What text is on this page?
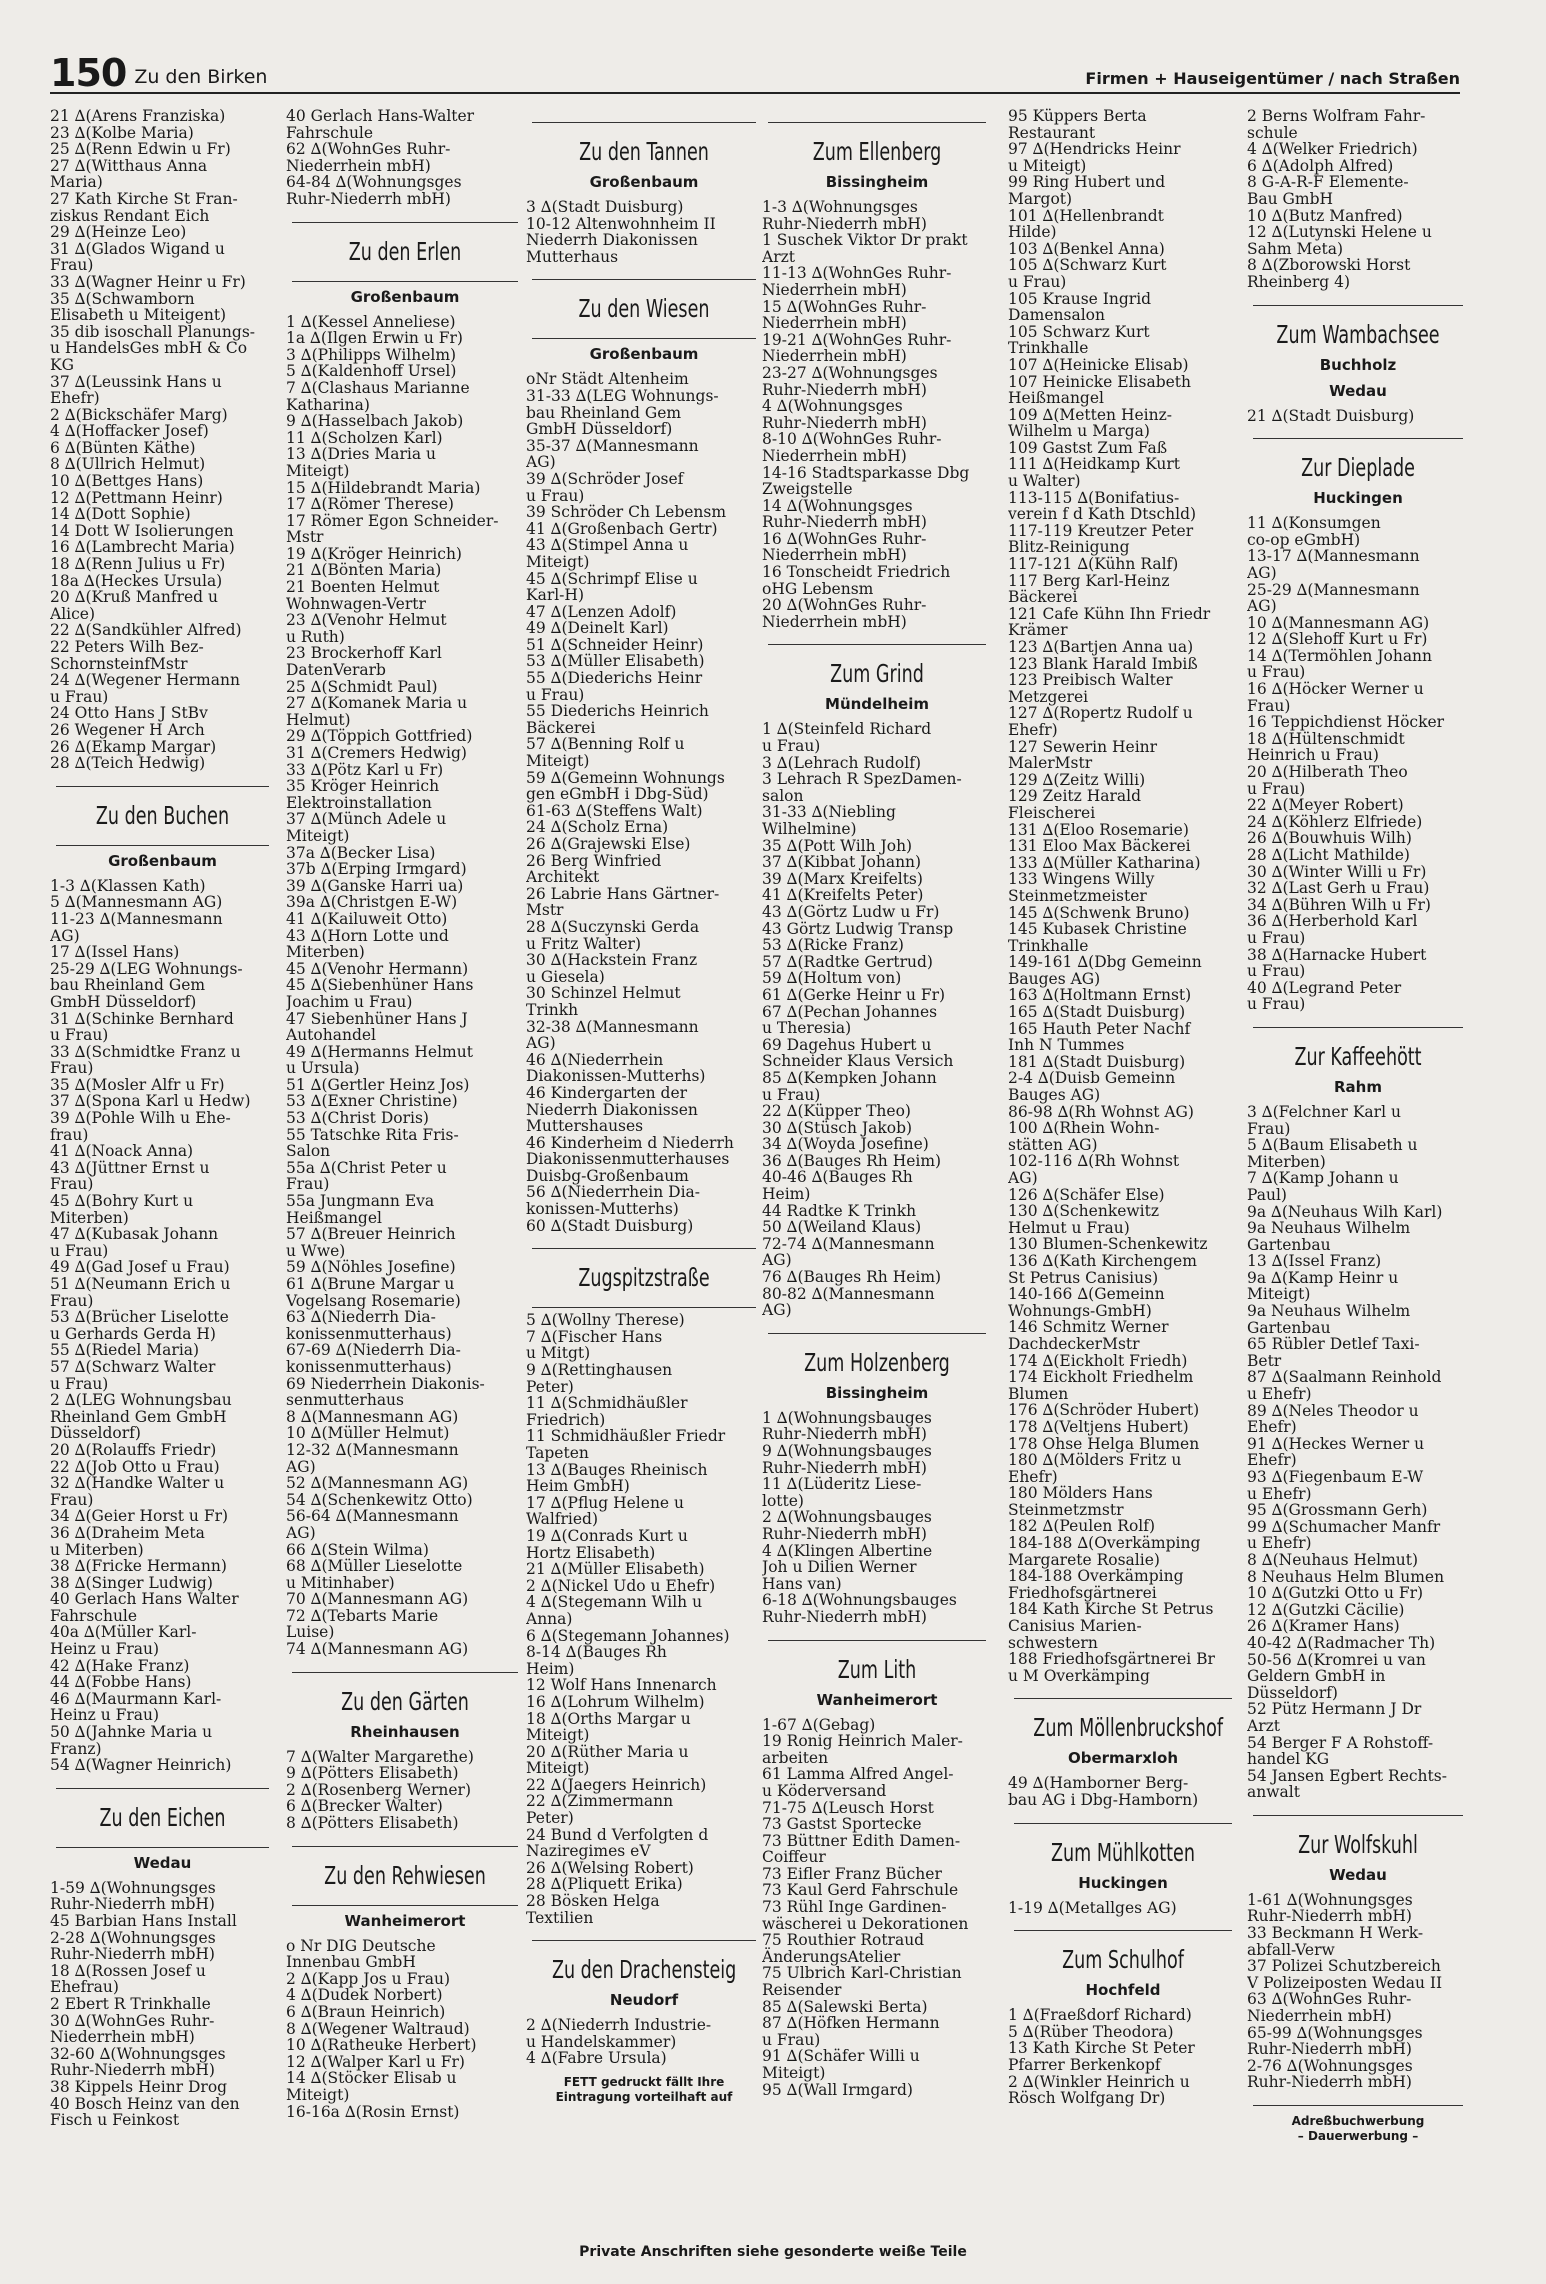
150 Zu den Birken	Firmen + Hauseigentümer / nach Straßen
21 ∆(Arens Franziska)
23 ∆(Kolbe Maria)
25 ∆(Renn Edwin u Fr)
27 ∆(Witthaus Anna
Maria)
27 Kath Kirche St Fran-
ziskus Rendant Eich
29 ∆(Heinze Leo)
31 ∆(Glados Wigand u
Frau)
33 ∆(Wagner Heinr u Fr)
35 ∆(Schwamborn
Elisabeth u Miteigent)
35 dib isoschall Planungs-
u HandelsGes mbH & Co
KG
37 ∆(Leussink Hans u
Ehefr)
2 ∆(Bickschäfer Marg)
4 ∆(Hoffacker Josef)
6 ∆(Bünten Käthe)
8 ∆(Ullrich Helmut)
10 ∆(Bettges Hans)
12 ∆(Pettmann Heinr)
14 ∆(Dott Sophie)
14 Dott W Isolierungen
16 ∆(Lambrecht Maria)
18 ∆(Renn Julius u Fr)
18a ∆(Heckes Ursula)
20 ∆(Kruß Manfred u
Alice)
22 ∆(Sandkühler Alfred)
22 Peters Wilh Bez-
SchornsteinfMstr
24 ∆(Wegener Hermann
u Frau)
24 Otto Hans J StBv
26 Wegener H Arch
26 ∆(Ekamp Margar)
28 ∆(Teich Hedwig)
Zu den Buchen
Großenbaum
1-3 ∆(Klassen Kath)
5 ∆(Mannesmann AG)
11-23 ∆(Mannesmann
AG)
17 ∆(Issel Hans)
25-29 ∆(LEG Wohnungs-
bau Rheinland Gem
GmbH Düsseldorf)
31 ∆(Schinke Bernhard
u Frau)
33 ∆(Schmidtke Franz u
Frau)
35 ∆(Mosler Alfr u Fr)
37 ∆(Spona Karl u Hedw)
39 ∆(Pohle Wilh u Ehe-
frau)
41 ∆(Noack Anna)
43 ∆(Jüttner Ernst u
Frau)
45 ∆(Bohry Kurt u
Miterben)
47 ∆(Kubasak Johann
u Frau)
49 ∆(Gad Josef u Frau)
51 ∆(Neumann Erich u
Frau)
53 ∆(Brücher Liselotte
u Gerhards Gerda H)
55 ∆(Riedel Maria)
57 ∆(Schwarz Walter
u Frau)
2 ∆(LEG Wohnungsbau
Rheinland Gem GmbH
Düsseldorf)
20 ∆(Rolauffs Friedr)
22 ∆(Job Otto u Frau)
32 ∆(Handke Walter u
Frau)
34 ∆(Geier Horst u Fr)
36 ∆(Draheim Meta
u Miterben)
38 ∆(Fricke Hermann)
38 ∆(Singer Ludwig)
40 Gerlach Hans Walter
Fahrschule
40a ∆(Müller Karl-
Heinz u Frau)
42 ∆(Hake Franz)
44 ∆(Fobbe Hans)
46 ∆(Maurmann Karl-
Heinz u Frau)
50 ∆(Jahnke Maria u
Franz)
54 ∆(Wagner Heinrich)
Zu den Eichen
Wedau
1-59 ∆(Wohnungsges
Ruhr-Niederrh mbH)
45 Barbian Hans Install
2-28 ∆(Wohnungsges
Ruhr-Niederrh mbH)
18 ∆(Rossen Josef u
Ehefrau)
2 Ebert R Trinkhalle
30 ∆(WohnGes Ruhr-
Niederrhein mbH)
32-60 ∆(Wohnungsges
Ruhr-Niederrh mbH)
38 Kippels Heinr Drog
40 Bosch Heinz van den
Fisch u Feinkost
40 Gerlach Hans-Walter
Fahrschule
62 ∆(WohnGes Ruhr-
Niederrhein mbH)
64-84 ∆(Wohnungsges
Ruhr-Niederrh mbH)
Zu den Erlen
Großenbaum
1 ∆(Kessel Anneliese)
1a ∆(Ilgen Erwin u Fr)
3 ∆(Philipps Wilhelm)
5 ∆(Kaldenhoff Ursel)
7 ∆(Clashaus Marianne
Katharina)
9 ∆(Hasselbach Jakob)
11 ∆(Scholzen Karl)
13 ∆(Dries Maria u
Miteigt)
15 ∆(Hildebrandt Maria)
17 ∆(Römer Therese)
17 Römer Egon Schneider-
Mstr
19 ∆(Kröger Heinrich)
21 ∆(Bönten Maria)
21 Boenten Helmut
Wohnwagen-Vertr
23 ∆(Venohr Helmut
u Ruth)
23 Brockerhoff Karl
DatenVerarb
25 ∆(Schmidt Paul)
27 ∆(Komanek Maria u
Helmut)
29 ∆(Töppich Gottfried)
31 ∆(Cremers Hedwig)
33 ∆(Pötz Karl u Fr)
35 Kröger Heinrich
Elektroinstallation
37 ∆(Münch Adele u
Miteigt)
37a ∆(Becker Lisa)
37b ∆(Erping Irmgard)
39 ∆(Ganske Harri ua)
39a ∆(Christgen E-W)
41 ∆(Kailuweit Otto)
43 ∆(Horn Lotte und
Miterben)
45 ∆(Venohr Hermann)
45 ∆(Siebenhüner Hans
Joachim u Frau)
47 Siebenhüner Hans J
Autohandel
49 ∆(Hermanns Helmut
u Ursula)
51 ∆(Gertler Heinz Jos)
53 ∆(Exner Christine)
53 ∆(Christ Doris)
55 Tatschke Rita Fris-
Salon
55a ∆(Christ Peter u
Frau)
55a Jungmann Eva
Heißmangel
57 ∆(Breuer Heinrich
u Wwe)
59 ∆(Nöhles Josefine)
61 ∆(Brune Margar u
Vogelsang Rosemarie)
63 ∆(Niederrh Dia-
konissenmutterhaus)
67-69 ∆(Niederrh Dia-
konissenmutterhaus)
69 Niederrhein Diakonis-
senmutterhaus
8 ∆(Mannesmann AG)
10 ∆(Müller Helmut)
12-32 ∆(Mannesmann
AG)
52 ∆(Mannesmann AG)
54 ∆(Schenkewitz Otto)
56-64 ∆(Mannesmann
AG)
66 ∆(Stein Wilma)
68 ∆(Müller Lieselotte
u Mitinhaber)
70 ∆(Mannesmann AG)
72 ∆(Tebarts Marie
Luise)
74 ∆(Mannesmann AG)
Zu den Gärten
Rheinhausen
7 ∆(Walter Margarethe)
9 ∆(Pötters Elisabeth)
2 ∆(Rosenberg Werner)
6 ∆(Brecker Walter)
8 ∆(Pötters Elisabeth)
Zu den Rehwiesen
Wanheimerort
o Nr DIG Deutsche
Innenbau GmbH
2 ∆(Kapp Jos u Frau)
4 ∆(Dudek Norbert)
6 ∆(Braun Heinrich)
8 ∆(Wegener Waltraud)
10 ∆(Ratheuke Herbert)
12 ∆(Walper Karl u Fr)
14 ∆(Stöcker Elisab u
Miteigt)
16-16a ∆(Rosin Ernst)
Zu den Tannen
Großenbaum
3 ∆(Stadt Duisburg)
10-12 Altenwohnheim II
Niederrh Diakonissen
Mutterhaus
Zu den Wiesen
Großenbaum
oNr Städt Altenheim
31-33 ∆(LEG Wohnungs-
bau Rheinland Gem
GmbH Düsseldorf)
35-37 ∆(Mannesmann
AG)
39 ∆(Schröder Josef
u Frau)
39 Schröder Ch Lebensm
41 ∆(Großenbach Gertr)
43 ∆(Stimpel Anna u
Miteigt)
45 ∆(Schrimpf Elise u
Karl-H)
47 ∆(Lenzen Adolf)
49 ∆(Deinelt Karl)
51 ∆(Schneider Heinr)
53 ∆(Müller Elisabeth)
55 ∆(Diederichs Heinr
u Frau)
55 Diederichs Heinrich
Bäckerei
57 ∆(Benning Rolf u
Miteigt)
59 ∆(Gemeinn Wohnungs
gen eGmbH i Dbg-Süd)
61-63 ∆(Steffens Walt)
24 ∆(Scholz Erna)
26 ∆(Grajewski Else)
26 Berg Winfried
Architekt
26 Labrie Hans Gärtner-
Mstr
28 ∆(Suczynski Gerda
u Fritz Walter)
30 ∆(Hackstein Franz
u Giesela)
30 Schinzel Helmut
Trinkh
32-38 ∆(Mannesmann
AG)
46 ∆(Niederrhein
Diakonissen-Mutterhs)
46 Kindergarten der
Niederrh Diakonissen
Muttershauses
46 Kinderheim d Niederrh
Diakonissenmutterhauses
Duisbg-Großenbaum
56 ∆(Niederrhein Dia-
konissen-Mutterhs)
60 ∆(Stadt Duisburg)
Zugspitzstraße
5 ∆(Wollny Therese)
7 ∆(Fischer Hans
u Mitgt)
9 ∆(Rettinghausen
Peter)
11 ∆(Schmidhäußler
Friedrich)
11 Schmidhäußler Friedr
Tapeten
13 ∆(Bauges Rheinisch
Heim GmbH)
17 ∆(Pflug Helene u
Walfried)
19 ∆(Conrads Kurt u
Hortz Elisabeth)
21 ∆(Müller Elisabeth)
2 ∆(Nickel Udo u Ehefr)
4 ∆(Stegemann Wilh u
Anna)
6 ∆(Stegemann Johannes)
8-14 ∆(Bauges Rh
Heim)
12 Wolf Hans Innenarch
16 ∆(Lohrum Wilhelm)
18 ∆(Orths Margar u
Miteigt)
20 ∆(Rüther Maria u
Miteigt)
22 ∆(Jaegers Heinrich)
22 ∆(Zimmermann
Peter)
24 Bund d Verfolgten d
Naziregimes eV
26 ∆(Welsing Robert)
28 ∆(Pliquett Erika)
28 Bösken Helga
Textilien
Zu den Drachensteig
Neudorf
2 ∆(Niederrh Industrie-
u Handelskammer)
4 ∆(Fabre Ursula)
FETT gedruckt fällt Ihre
Eintragung vorteilhaft auf
Zum Ellenberg
Bissingheim
1-3 ∆(Wohnungsges
Ruhr-Niederrh mbH)
1 Suschek Viktor Dr prakt
Arzt
11-13 ∆(WohnGes Ruhr-
Niederrhein mbH)
15 ∆(WohnGes Ruhr-
Niederrhein mbH)
19-21 ∆(WohnGes Ruhr-
Niederrhein mbH)
23-27 ∆(Wohnungsges
Ruhr-Niederrh mbH)
4 ∆(Wohnungsges
Ruhr-Niederrh mbH)
8-10 ∆(WohnGes Ruhr-
Niederrhein mbH)
14-16 Stadtsparkasse Dbg
Zweigstelle
14 ∆(Wohnungsges
Ruhr-Niederrh mbH)
16 ∆(WohnGes Ruhr-
Niederrhein mbH)
16 Tonscheidt Friedrich
oHG Lebensm
20 ∆(WohnGes Ruhr-
Niederrhein mbH)
Zum Grind
Mündelheim
1 ∆(Steinfeld Richard
u Frau)
3 ∆(Lehrach Rudolf)
3 Lehrach R SpezDamen-
salon
31-33 ∆(Niebling
Wilhelmine)
35 ∆(Pott Wilh Joh)
37 ∆(Kibbat Johann)
39 ∆(Marx Kreifelts)
41 ∆(Kreifelts Peter)
43 ∆(Görtz Ludw u Fr)
43 Görtz Ludwig Transp
53 ∆(Ricke Franz)
57 ∆(Radtke Gertrud)
59 ∆(Holtum von)
61 ∆(Gerke Heinr u Fr)
67 ∆(Pechan Johannes
u Theresia)
69 Dagehus Hubert u
Schneider Klaus Versich
85 ∆(Kempken Johann
u Frau)
22 ∆(Küpper Theo)
30 ∆(Stüsch Jakob)
34 ∆(Woyda Josefine)
36 ∆(Bauges Rh Heim)
40-46 ∆(Bauges Rh
Heim)
44 Radtke K Trinkh
50 ∆(Weiland Klaus)
72-74 ∆(Mannesmann
AG)
76 ∆(Bauges Rh Heim)
80-82 ∆(Mannesmann
AG)
Zum Holzenberg
Bissingheim
1 ∆(Wohnungsbauges
Ruhr-Niederrh mbH)
9 ∆(Wohnungsbauges
Ruhr-Niederrh mbH)
11 ∆(Lüderitz Liese-
lotte)
2 ∆(Wohnungsbauges
Ruhr-Niederrh mbH)
4 ∆(Klingen Albertine
Joh u Dilien Werner
Hans van)
6-18 ∆(Wohnungsbauges
Ruhr-Niederrh mbH)
Zum Lith
Wanheimerort
1-67 ∆(Gebag)
19 Ronig Heinrich Maler-
arbeiten
61 Lamma Alfred Angel-
u Köderversand
71-75 ∆(Leusch Horst
73 Gastst Sportecke
73 Büttner Edith Damen-
Coiffeur
73 Eifler Franz Bücher
73 Kaul Gerd Fahrschule
73 Rühl Inge Gardinen-
wäscherei u Dekorationen
75 Routhier Rotraud
ÄnderungsAtelier
75 Ulbrich Karl-Christian
Reisender
85 ∆(Salewski Berta)
87 ∆(Höfken Hermann
u Frau)
91 ∆(Schäfer Willi u
Miteigt)
95 ∆(Wall Irmgard)
95 Küppers Berta
Restaurant
97 ∆(Hendricks Heinr
u Miteigt)
99 Ring Hubert und
Margot)
101 ∆(Hellenbrandt
Hilde)
103 ∆(Benkel Anna)
105 ∆(Schwarz Kurt
u Frau)
105 Krause Ingrid
Damensalon
105 Schwarz Kurt
Trinkhalle
107 ∆(Heinicke Elisab)
107 Heinicke Elisabeth
Heißmangel
109 ∆(Metten Heinz-
Wilhelm u Marga)
109 Gastst Zum Faß
111 ∆(Heidkamp Kurt
u Walter)
113-115 ∆(Bonifatius-
verein f d Kath Dtschld)
117-119 Kreutzer Peter
Blitz-Reinigung
117-121 ∆(Kühn Ralf)
117 Berg Karl-Heinz
Bäckerei
121 Cafe Kühn Ihn Friedr
Krämer
123 ∆(Bartjen Anna ua)
123 Blank Harald Imbiß
123 Preibisch Walter
Metzgerei
127 ∆(Ropertz Rudolf u
Ehefr)
127 Sewerin Heinr
MalerMstr
129 ∆(Zeitz Willi)
129 Zeitz Harald
Fleischerei
131 ∆(Eloo Rosemarie)
131 Eloo Max Bäckerei
133 ∆(Müller Katharina)
133 Wingens Willy
Steinmetzmeister
145 ∆(Schwenk Bruno)
145 Kubasek Christine
Trinkhalle
149-161 ∆(Dbg Gemeinn
Bauges AG)
163 ∆(Holtmann Ernst)
165 ∆(Stadt Duisburg)
165 Hauth Peter Nachf
Inh N Tummes
181 ∆(Stadt Duisburg)
2-4 ∆(Duisb Gemeinn
Bauges AG)
86-98 ∆(Rh Wohnst AG)
100 ∆(Rhein Wohn-
stätten AG)
102-116 ∆(Rh Wohnst
AG)
126 ∆(Schäfer Else)
130 ∆(Schenkewitz
Helmut u Frau)
130 Blumen-Schenkewitz
136 ∆(Kath Kirchengem
St Petrus Canisius)
140-166 ∆(Gemeinn
Wohnungs-GmbH)
146 Schmitz Werner
DachdeckerMstr
174 ∆(Eickholt Friedh)
174 Eickholt Friedhelm
Blumen
176 ∆(Schröder Hubert)
178 ∆(Veltjens Hubert)
178 Ohse Helga Blumen
180 ∆(Mölders Fritz u
Ehefr)
180 Mölders Hans
Steinmetzmstr
182 ∆(Peulen Rolf)
184-188 ∆(Overkämping
Margarete Rosalie)
184-188 Overkämping
Friedhofsgärtnerei
184 Kath Kirche St Petrus
Canisius Marien-
schwestern
188 Friedhofsgärtnerei Br
u M Overkämping
Zum Möllenbruckshof
Obermarxloh
49 ∆(Hamborner Berg-
bau AG i Dbg-Hamborn)
Zum Mühlkotten
Huckingen
1-19 ∆(Metallges AG)
Zum Schulhof
Hochfeld
1 ∆(Fraeßdorf Richard)
5 ∆(Rüber Theodora)
13 Kath Kirche St Peter
Pfarrer Berkenkopf
2 ∆(Winkler Heinrich u
Rösch Wolfgang Dr)
2 Berns Wolfram Fahr-
schule
4 ∆(Welker Friedrich)
6 ∆(Adolph Alfred)
8 G-A-R-F Elemente-
Bau GmbH
10 ∆(Butz Manfred)
12 ∆(Lutynski Helene u
Sahm Meta)
8 ∆(Zborowski Horst
Rheinberg 4)
Zum Wambachsee
Buchholz
Wedau
21 ∆(Stadt Duisburg)
Zur Dieplade
Huckingen
11 ∆(Konsumgen
co-op eGmbH)
13-17 ∆(Mannesmann
AG)
25-29 ∆(Mannesmann
AG)
10 ∆(Mannesmann AG)
12 ∆(Slehoff Kurt u Fr)
14 ∆(Termöhlen Johann
u Frau)
16 ∆(Höcker Werner u
Frau)
16 Teppichdienst Höcker
18 ∆(Hültenschmidt
Heinrich u Frau)
20 ∆(Hilberath Theo
u Frau)
22 ∆(Meyer Robert)
24 ∆(Köhlerz Elfriede)
26 ∆(Bouwhuis Wilh)
28 ∆(Licht Mathilde)
30 ∆(Winter Willi u Fr)
32 ∆(Last Gerh u Frau)
34 ∆(Bühren Wilh u Fr)
36 ∆(Herberhold Karl
u Frau)
38 ∆(Harnacke Hubert
u Frau)
40 ∆(Legrand Peter
u Frau)
Zur Kaffeehött
Rahm
3 ∆(Felchner Karl u
Frau)
5 ∆(Baum Elisabeth u
Miterben)
7 ∆(Kamp Johann u
Paul)
9a ∆(Neuhaus Wilh Karl)
9a Neuhaus Wilhelm
Gartenbau
13 ∆(Issel Franz)
9a ∆(Kamp Heinr u
Miteigt)
9a Neuhaus Wilhelm
Gartenbau
65 Rübler Detlef Taxi-
Betr
87 ∆(Saalmann Reinhold
u Ehefr)
89 ∆(Neles Theodor u
Ehefr)
91 ∆(Heckes Werner u
Ehefr)
93 ∆(Fiegenbaum E-W
u Ehefr)
95 ∆(Grossmann Gerh)
99 ∆(Schumacher Manfr
u Ehefr)
8 ∆(Neuhaus Helmut)
8 Neuhaus Helm Blumen
10 ∆(Gutzki Otto u Fr)
12 ∆(Gutzki Cäcilie)
26 ∆(Kramer Hans)
40-42 ∆(Radmacher Th)
50-56 ∆(Kromrei u van
Geldern GmbH in
Düsseldorf)
52 Pütz Hermann J Dr
Arzt
54 Berger F A Rohstoff-
handel KG
54 Jansen Egbert Rechts-
anwalt
Zur Wolfskuhl
Wedau
1-61 ∆(Wohnungsges
Ruhr-Niederrh mbH)
33 Beckmann H Werk-
abfall-Verw
37 Polizei Schutzbereich
V Polizeiposten Wedau II
63 ∆(WohnGes Ruhr-
Niederrhein mbH)
65-99 ∆(Wohnungsges
Ruhr-Niederrh mbH)
2-76 ∆(Wohnungsges
Ruhr-Niederrh mbH)
Adreßbuchwerbung
– Dauerwerbung –
Private Anschriften siehe gesonderte weiße Teile
